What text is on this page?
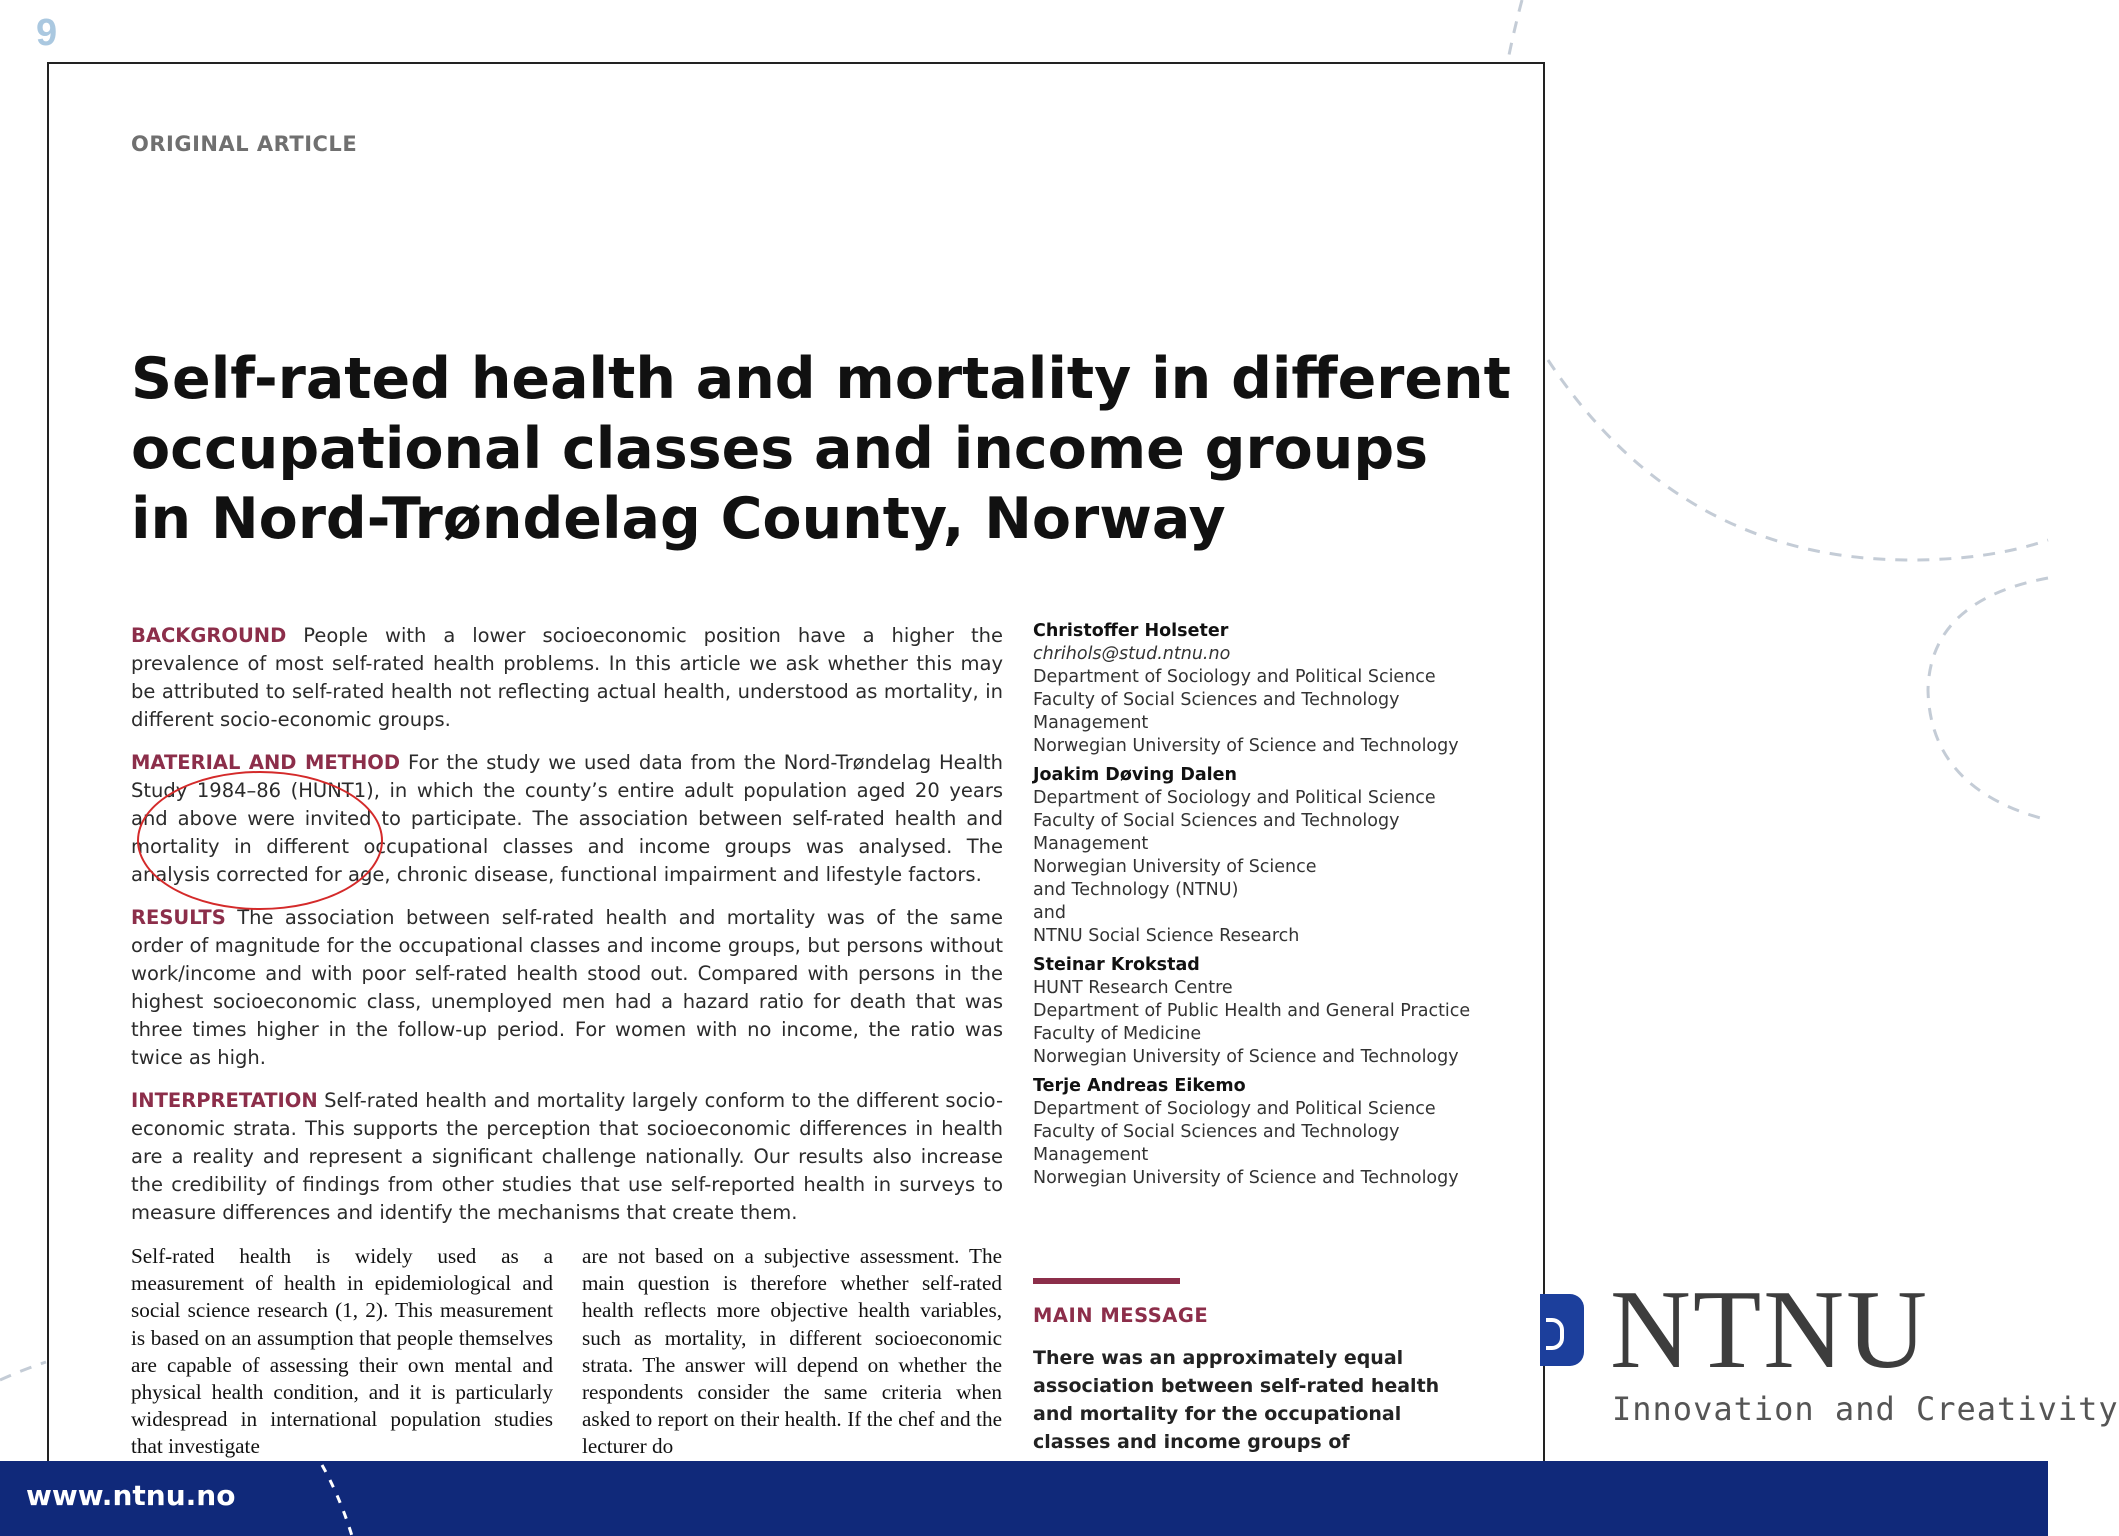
9
ORIGINAL ARTICLE
Self-rated health and mortality in different
occupational classes and income groups
in Nord-Trøndelag County, Norway

BACKGROUND People with a lower socioeconomic position have a higher the prevalence of most self-rated health problems. In this article we ask whether this may be attributed to self-rated health not reflecting actual health, understood as mortality, in different socio-economic groups.

MATERIAL AND METHOD For the study we used data from the Nord-Trøndelag Health Study 1984–86 (HUNT1), in which the county’s entire adult population aged 20 years and above were invited to participate. The association between self-rated health and mortality in different occupational classes and income groups was analysed. The analysis corrected for age, chronic disease, functional impairment and lifestyle factors.

RESULTS The association between self-rated health and mortality was of the same order of magnitude for the occupational classes and income groups, but persons without work/income and with poor self-rated health stood out. Compared with persons in the highest socioeconomic class, unemployed men had a hazard ratio for death that was three times higher in the follow-up period. For women with no income, the ratio was twice as high.

INTERPRETATION Self-rated health and mortality largely conform to the different socio-economic strata. This supports the perception that socioeconomic differences in health are a reality and represent a significant challenge nationally. Our results also increase the credibility of findings from other studies that use self-reported health in surveys to measure differences and identify the mechanisms that create them.

Christoffer Holseter
chrihols@stud.ntnu.no
Department of Sociology and Political Science
Faculty of Social Sciences and Technology
Management
Norwegian University of Science and Technology
Joakim Døving Dalen
Department of Sociology and Political Science
Faculty of Social Sciences and Technology
Management
Norwegian University of Science
and Technology (NTNU)
and
NTNU Social Science Research
Steinar Krokstad
HUNT Research Centre
Department of Public Health and General Practice
Faculty of Medicine
Norwegian University of Science and Technology
Terje Andreas Eikemo
Department of Sociology and Political Science
Faculty of Social Sciences and Technology
Management
Norwegian University of Science and Technology

Self-rated health is widely used as a measurement of health in epidemiological and social science research (1, 2). This measurement is based on an assumption that people themselves are capable of assessing their own mental and physical health condition, and it is particularly widespread in international population studies that investigate

are not based on a subjective assessment. The main question is therefore whether self-rated health reflects more objective health variables, such as mortality, in different socioeconomic strata. The answer will depend on whether the respondents consider the same criteria when asked to report on their health. If the chef and the lecturer do

MAIN MESSAGE
There was an approximately equal association between self-rated health and mortality for the occupational classes and income groups of
NTNU
Innovation and Creativity
www.ntnu.no
